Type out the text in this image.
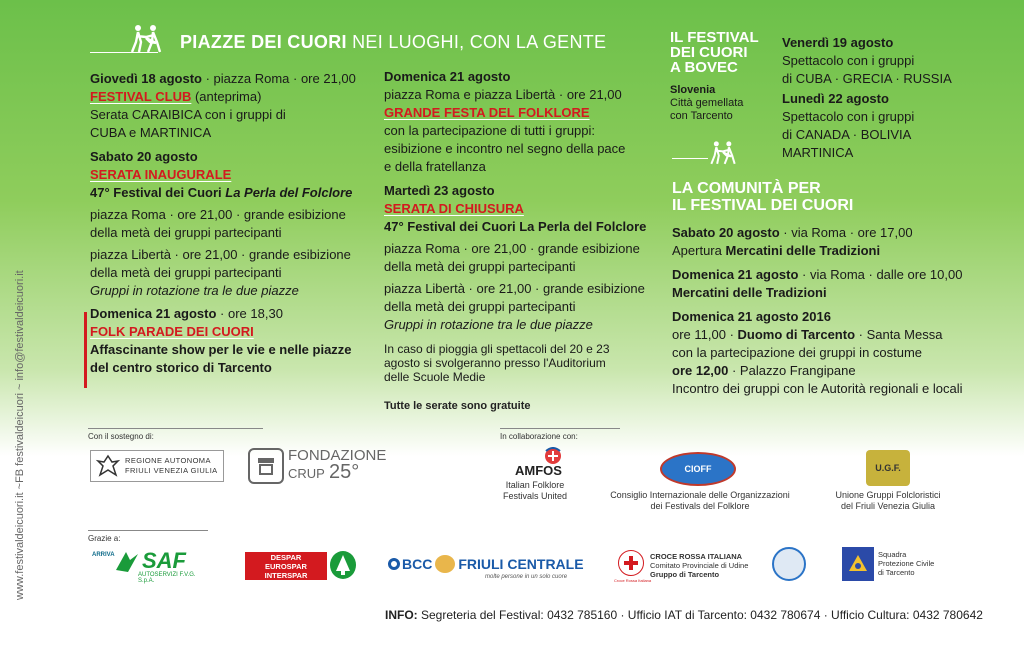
www.festivaldeicuori.it ~FB festivaldeicuori ~ info@festivaldeicuori.it
PIAZZE DEI CUORI NEI LUOGHI, CON LA GENTE

Giovedì 18 agosto · piazza Roma · ore 21,00

FESTIVAL CLUB (anteprima)

Serata CARAIBICA con i gruppi di

CUBA e MARTINICA

Sabato 20 agosto

SERATA INAUGURALE

47° Festival dei Cuori La Perla del Folclore

piazza Roma · ore 21,00 · grande esibizione

della metà dei gruppi partecipanti

piazza Libertà · ore 21,00 · grande esibizione

della metà dei gruppi partecipanti

Gruppi in rotazione tra le due piazze

Domenica 21 agosto · ore 18,30

FOLK PARADE DEI CUORI

Affascinante show per le vie e nelle piazze

del centro storico di Tarcento

Domenica 21 agosto

piazza Roma e piazza Libertà · ore 21,00

GRANDE FESTA DEL FOLKLORE

con la partecipazione di tutti i gruppi:

esibizione e incontro nel segno della pace

e della fratellanza

Martedì 23 agosto

SERATA DI CHIUSURA

47° Festival dei Cuori La Perla del Folclore

piazza Roma · ore 21,00 · grande esibizione

della metà dei gruppi partecipanti

piazza Libertà · ore 21,00 · grande esibizione

della metà dei gruppi partecipanti

Gruppi in rotazione tra le due piazze

In caso di pioggia gli spettacoli del 20 e 23

agosto si svolgeranno presso l'Auditorium

delle Scuole Medie

Tutte le serate sono gratuite
IL FESTIVAL
DEI CUORI
A BOVEC
Slovenia
Città gemellata
con Tarcento

Venerdì 19 agosto

Spettacolo con i gruppi

di CUBA · GRECIA · RUSSIA

Lunedì 22 agosto

Spettacolo con i gruppi

di CANADA · BOLIVIA

MARTINICA

LA COMUNITÀ PER
IL FESTIVAL DEI CUORI

Sabato 20 agosto · via Roma · ore 17,00

Apertura Mercatini delle Tradizioni

Domenica 21 agosto · via Roma · dalle ore 10,00

Mercatini delle Tradizioni

Domenica 21 agosto 2016

ore 11,00 · Duomo di Tarcento · Santa Messa

con la partecipazione dei gruppi in costume

ore 12,00 · Palazzo Frangipane

Incontro dei gruppi con le Autorità regionali e locali

Con il sostegno di:	In collaborazione con:
REGIONE AUTONOMA
FRIULI VENEZIA GIULIA
FONDAZIONE
CRUP 25°	AMFOS
Italian Folklore
Festivals United
CIOFF
Consiglio Internazionale delle Organizzazioni
dei Festivals del Folklore
U.G.F.
Unione Gruppi Folcloristici
del Friuli Venezia Giulia
Grazie a:
ARRIVA SAF
AUTOSERVIZI F.V.G. S.p.A.
DESPAR
EUROSPAR
INTERSPAR
BCC FRIULI CENTRALE
molte persone in un solo cuore
Croce Rossa Italiana
CROCE ROSSA ITALIANA
Comitato Provinciale di Udine
Gruppo di Tarcento
Squadra
Protezione Civile
di Tarcento
INFO: Segreteria del Festival: 0432 785160 · Ufficio IAT di Tarcento: 0432 780674 · Ufficio Cultura: 0432 780642
